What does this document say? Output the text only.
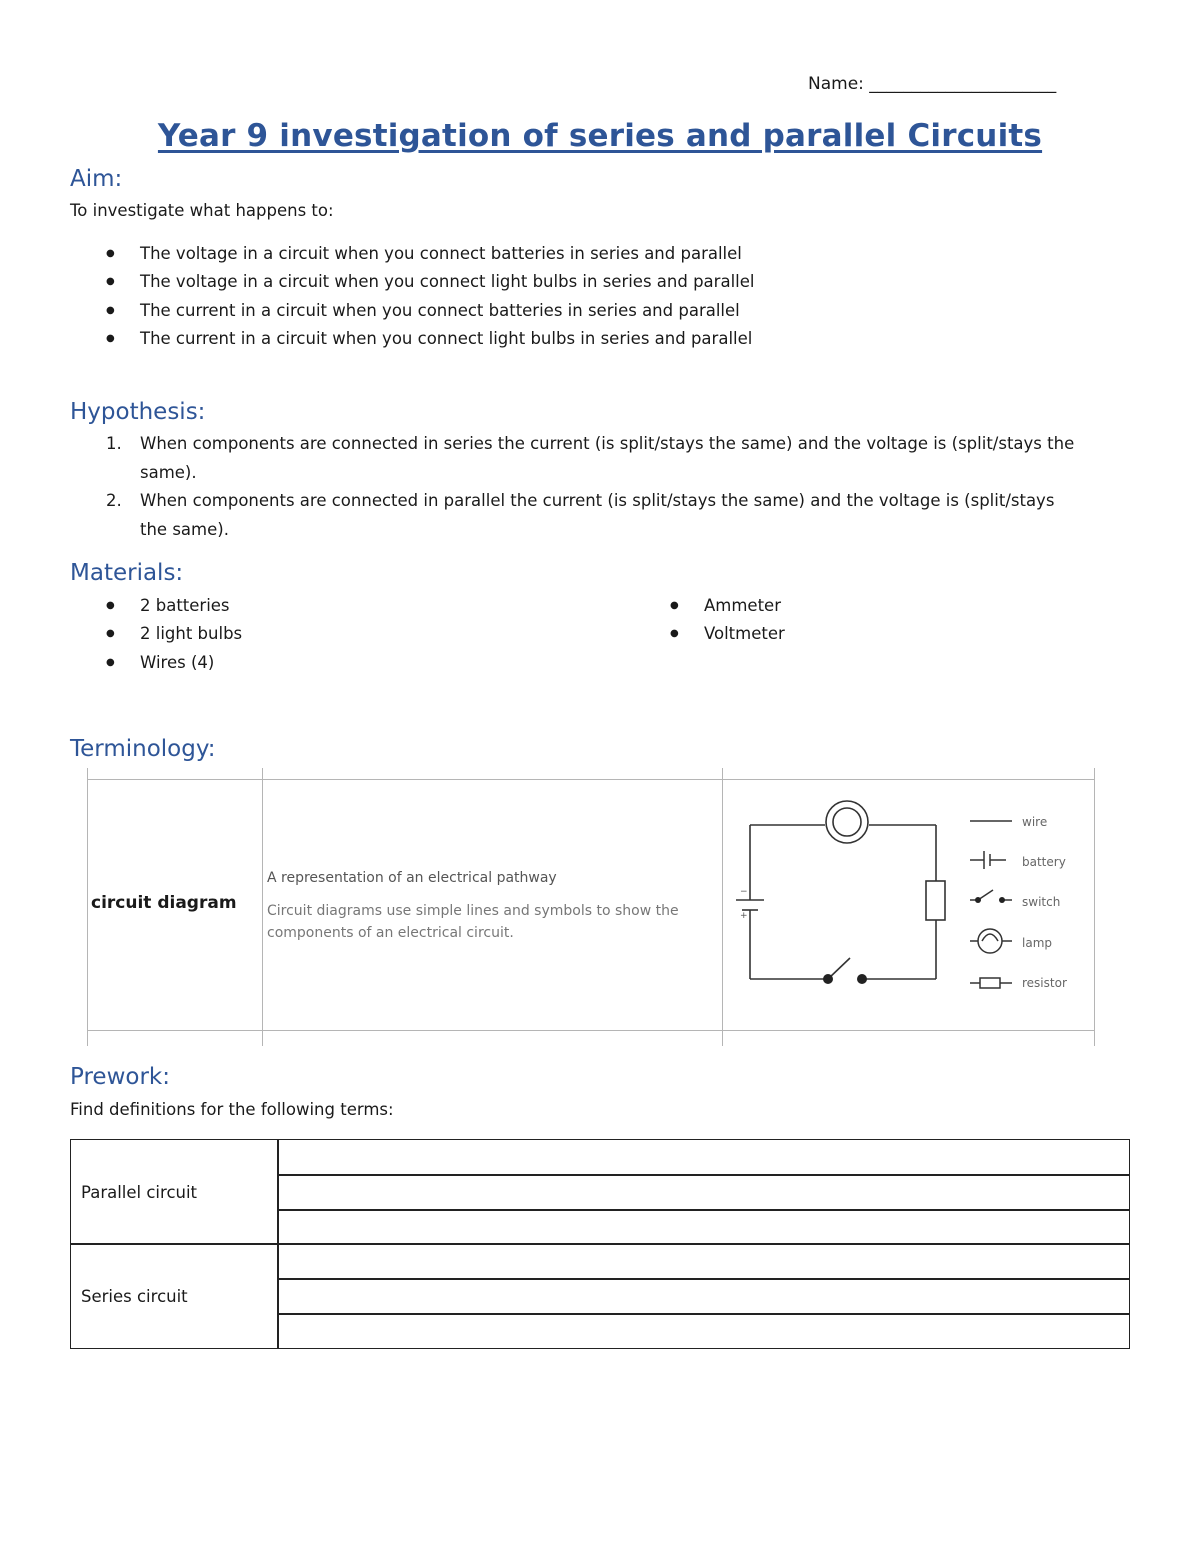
Name: ______________________
Year 9 investigation of series and parallel Circuits
Aim:
To investigate what happens to:
● The voltage in a circuit when you connect batteries in series and parallel
● The voltage in a circuit when you connect light bulbs in series and parallel
● The current in a circuit when you connect batteries in series and parallel
● The current in a circuit when you connect light bulbs in series and parallel
Hypothesis:
1. When components are connected in series the current (is split/stays the same) and the voltage is (split/stays the
same).
2. When components are connected in parallel the current (is split/stays the same) and the voltage is (split/stays
the same).
Materials:
● 2 batteries
● 2 light bulbs
● Wires (4)
● Ammeter
● Voltmeter
Terminology:
circuit diagram
A representation of an electrical pathway
Circuit diagrams use simple lines and symbols to show the components of an electrical circuit.
−
+
wire
battery
switch
lamp
resistor
Prework:
Find definitions for the following terms:
Parallel circuit
Series circuit
